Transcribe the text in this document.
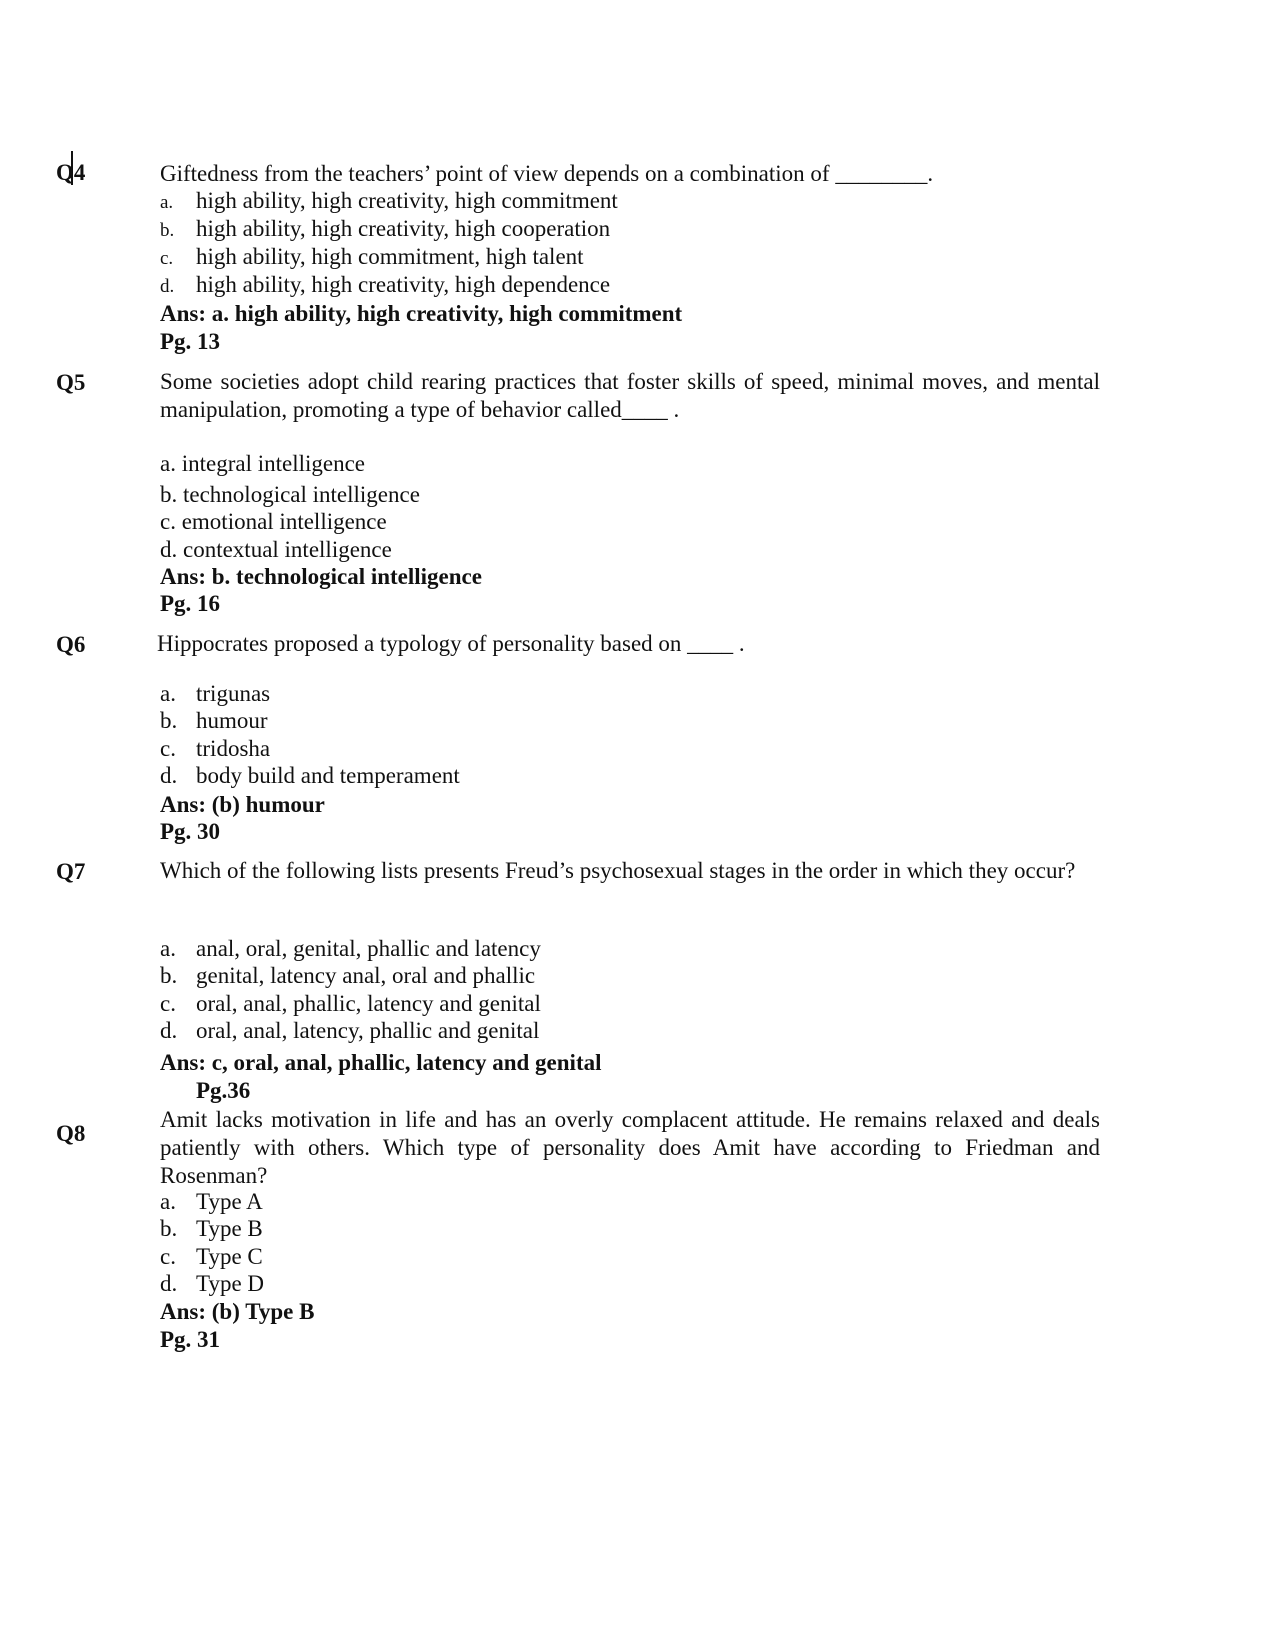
Q4	Giftedness from the teachers’ point of view depends on a combination of ________.
a. high ability, high creativity, high commitment
b. high ability, high creativity, high cooperation
c. high ability, high commitment, high talent
d. high ability, high creativity, high dependence
Ans: a. high ability, high creativity, high commitment
Pg. 13
Q5	Some societies adopt child rearing practices that foster skills of speed, minimal moves, and mental manipulation, promoting a type of behavior called____ .
a. integral intelligence
b. technological intelligence
c. emotional intelligence
d. contextual intelligence
Ans: b. technological intelligence
Pg. 16
Q6	Hippocrates proposed a typology of personality based on ____ .
a. trigunas
b. humour
c. tridosha
d. body build and temperament
Ans: (b) humour
Pg. 30
Q7	Which of the following lists presents Freud’s psychosexual stages in the order in which they occur?
a. anal, oral, genital, phallic and latency
b. genital, latency anal, oral and phallic
c. oral, anal, phallic, latency and genital
d. oral, anal, latency, phallic and genital
Ans: c, oral, anal, phallic, latency and genital
Pg.36
Q8
Amit lacks motivation in life and has an overly complacent attitude. He remains relaxed and deals patiently with others. Which type of personality does Amit have according to Friedman and Rosenman?
a. Type A
b. Type B
c. Type C
d. Type D
Ans: (b) Type B
Pg. 31
